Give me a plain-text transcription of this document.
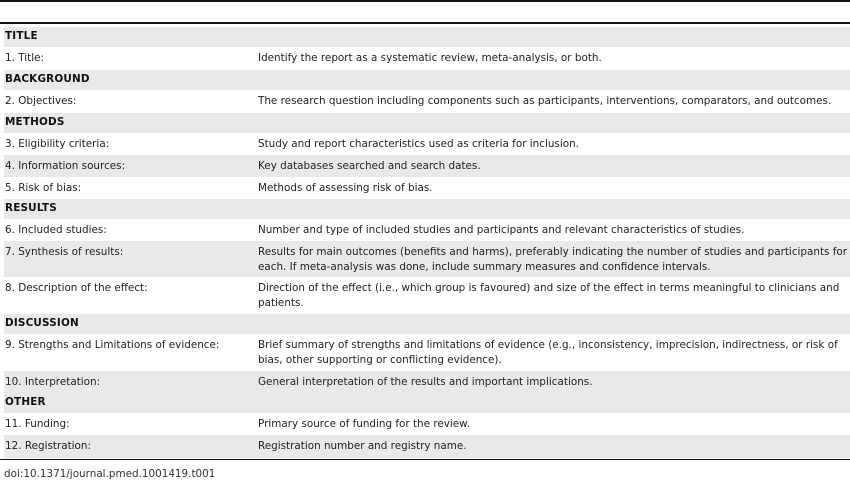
TITLE
1. Title:	Identify the report as a systematic review, meta-analysis, or both.
BACKGROUND
2. Objectives:	The research question including components such as participants, interventions, comparators, and outcomes.
METHODS
3. Eligibility criteria:	Study and report characteristics used as criteria for inclusion.
4. Information sources:	Key databases searched and search dates.
5. Risk of bias:	Methods of assessing risk of bias.
RESULTS
6. Included studies:	Number and type of included studies and participants and relevant characteristics of studies.
7. Synthesis of results:	Results for main outcomes (benefits and harms), preferably indicating the number of studies and participants for each. If meta-analysis was done, include summary measures and confidence intervals.
8. Description of the effect:	Direction of the effect (i.e., which group is favoured) and size of the effect in terms meaningful to clinicians and patients.
DISCUSSION
9. Strengths and Limitations of evidence:	Brief summary of strengths and limitations of evidence (e.g., inconsistency, imprecision, indirectness, or risk of bias, other supporting or conflicting evidence).
10. Interpretation:	General interpretation of the results and important implications.
OTHER
11. Funding:	Primary source of funding for the review.
12. Registration:	Registration number and registry name.
doi:10.1371/journal.pmed.1001419.t001
